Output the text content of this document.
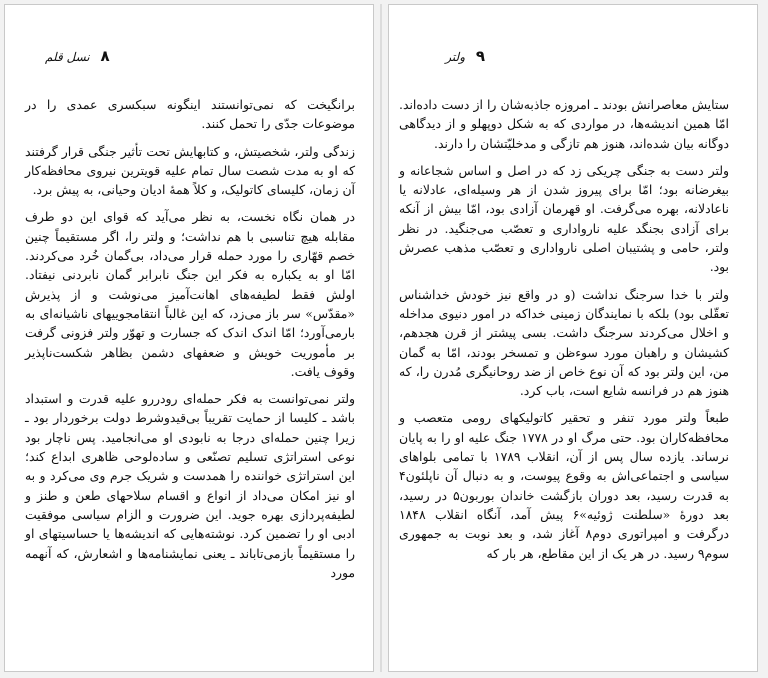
۸ نسل قلم

برانگیخت که نمی‌توانستند اینگونه سبکسری عمدی را در موضوعات جدّی را تحمل کنند.

زندگی ولتر، شخصیتش، و کتابهایش تحت تأثیر جنگی قرار گرفتند که او به مدت شصت سال تمام علیه قویترین نیروی محافظه‌کار آن زمان، کلیسای کاتولیک، و کلاً همهٔ ادیان وحیانی، به پیش برد.

در همان نگاه نخست، به نظر می‌آید که قوای این دو طرف مقابله هیچ تناسبی با هم نداشت؛ و ولتر را، اگر مستقیماً چنین خصم قهّاری را مورد حمله قرار می‌داد، بی‌گمان خُرد می‌کردند. امّا او به یکباره به فکر این جنگ نابرابر گمان نابردنی نیفتاد. اولش فقط لطیفه‌های اهانت‌آمیز می‌نوشت و از پذیرش «مقدّس» سر باز می‌زد، که این غالباً انتقامجوییهای ناشیانه‌ای به بارمی‌آورد؛ امّا اندک اندک که جسارت و تهوّر ولتر فزونی گرفت بر مأموریت خویش و ضعفهای دشمن بظاهر شکست‌ناپذیر وقوف یافت.

ولتر نمی‌توانست به فکر حمله‌ای رودررو علیه قدرت و استبداد باشد ـ کلیسا از حمایت تقریباً بی‌قیدوشرط دولت برخوردار بود ـ زیرا چنین حمله‌ای درجا به نابودی او می‌انجامید. پس ناچار بود نوعی استراتژی تسلیم تصنّعی و ساده‌لوحی ظاهری ابداع کند؛ این استراتژی خواننده را همدست و شریک جرم وی می‌کرد و به او نیز امکان می‌داد از انواع و اقسام سلاحهای طعن و طنز و لطیفه‌پردازی بهره جوید. این ضرورت و الزام سیاسی موفقیت ادبی او را تضمین کرد. نوشته‌هایی که اندیشه‌ها یا حساسیتهای او را مستقیماً بازمی‌تاباند ـ یعنی نمایشنامه‌ها و اشعارش، که آنهمه مورد

۹ ولتر

ستایش معاصرانش بودند ـ امروزه جاذبه‌شان را از دست داده‌اند. امّا همین اندیشه‌ها، در مواردی که به شکل دوپهلو و از دیدگاهی دوگانه بیان شده‌اند، هنوز هم تازگی و مدخلیّتشان را دارند.

ولتر دست به جنگی چریکی زد که در اصل و اساس شجاعانه و بیغرضانه بود؛ امّا برای پیروز شدن از هر وسیله‌ای، عادلانه یا ناعادلانه، بهره می‌گرفت. او قهرمان آزادی بود، امّا بیش از آنکه برای آزادی بجنگد علیه نارواداری و تعصّب می‌جنگید. در نظر ولتر، حامی و پشتیبان اصلی نارواداری و تعصّب مذهب عصرش بود.

ولتر با خدا سرجنگ نداشت (و در واقع نیز خودش خداشناس تعقّلی بود) بلکه با نمایندگان زمینی خداکه در امور دنیوی مداخله و اخلال می‌کردند سرجنگ داشت. بسی پیشتر از قرن هجدهم، کشیشان و راهبان مورد سوءظن و تمسخر بودند، امّا به گمان من، این ولتر بود که آن نوع خاص از ضد روحانیگری مُدرن را، که هنوز هم در فرانسه شایع است، باب کرد.

طبعاً ولتر مورد تنفر و تحقیر کاتولیکهای رومی متعصب و محافظه‌کاران بود. حتی مرگ او در ۱۷۷۸ جنگ علیه او را به پایان نرساند. یازده سال پس از آن، انقلاب ۱۷۸۹ با تمامی بلواهای سیاسی و اجتماعی‌اش به وقوع پیوست، و به دنبال آن ناپلئون۴ به قدرت رسید، بعد دوران بازگشت خاندان بوربون۵ در رسید، بعد دورهٔ «سلطنت ژوئیه»۶ پیش آمد، آنگاه انقلاب ۱۸۴۸ درگرفت و امپراتوری دوم۸ آغاز شد، و بعد نوبت به جمهوری سوم۹ رسید. در هر یک از این مقاطع، هر بار که
